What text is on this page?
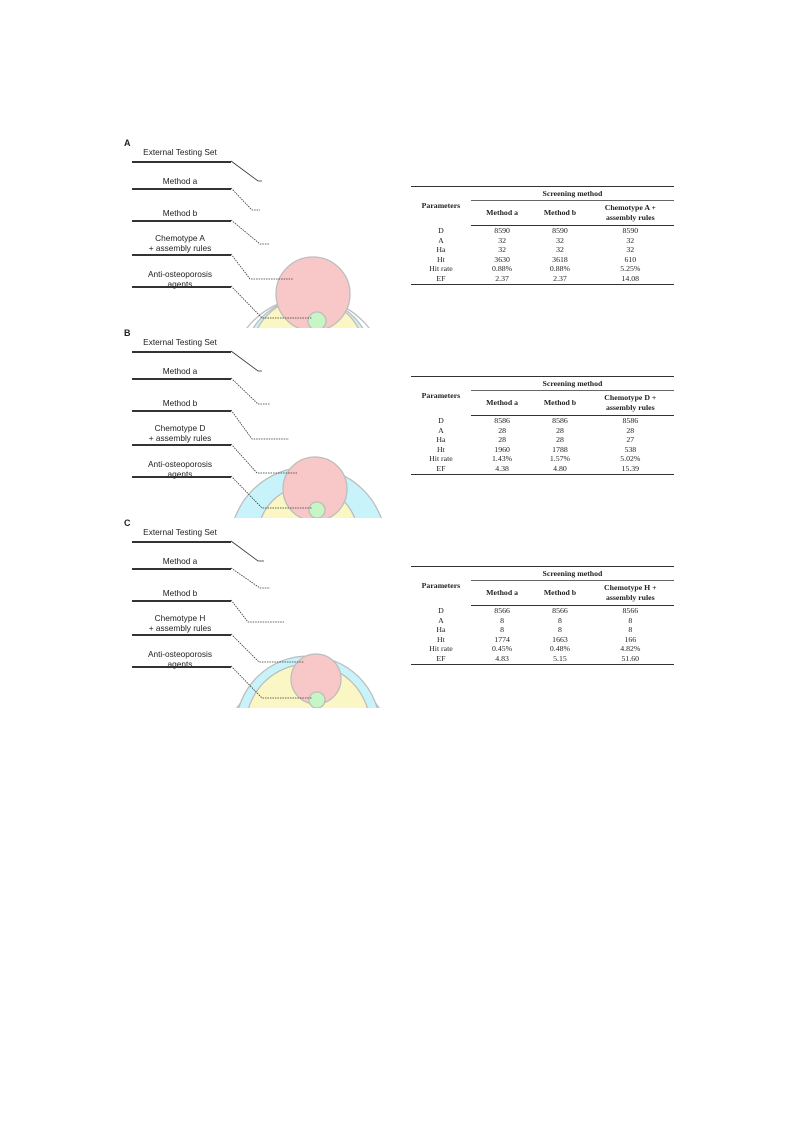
A
External Testing Set
Method a
Method b
Chemotype A
+ assembly rules
Anti-osteoporosis
agents
Parameters	Screening method		
	Method a	Method b	Chemotype A + assembly rules
D	8590	8590	8590
A	32	32	32
Ha	32	32	32
Ht	3630	3618	610
Hit rate	0.88%	0.88%	5.25%
EF	2.37	2.37	14.08
B
External Testing Set
Method a
Method b
Chemotype D
+ assembly rules
Anti-osteoporosis
agents
Parameters	Screening method		
	Method a	Method b	Chemotype D + assembly rules
D	8586	8586	8586
A	28	28	28
Ha	28	28	27
Ht	1960	1788	538
Hit rate	1.43%	1.57%	5.02%
EF	4.38	4.80	15.39
C
External Testing Set
Method a
Method b
Chemotype H
+ assembly rules
Anti-osteoporosis
agents
Parameters	Screening method		
	Method a	Method b	Chemotype H + assembly rules
D	8566	8566	8566
A	8	8	8
Ha	8	8	8
Ht	1774	1663	166
Hit rate	0.45%	0.48%	4.82%
EF	4.83	5.15	51.60
